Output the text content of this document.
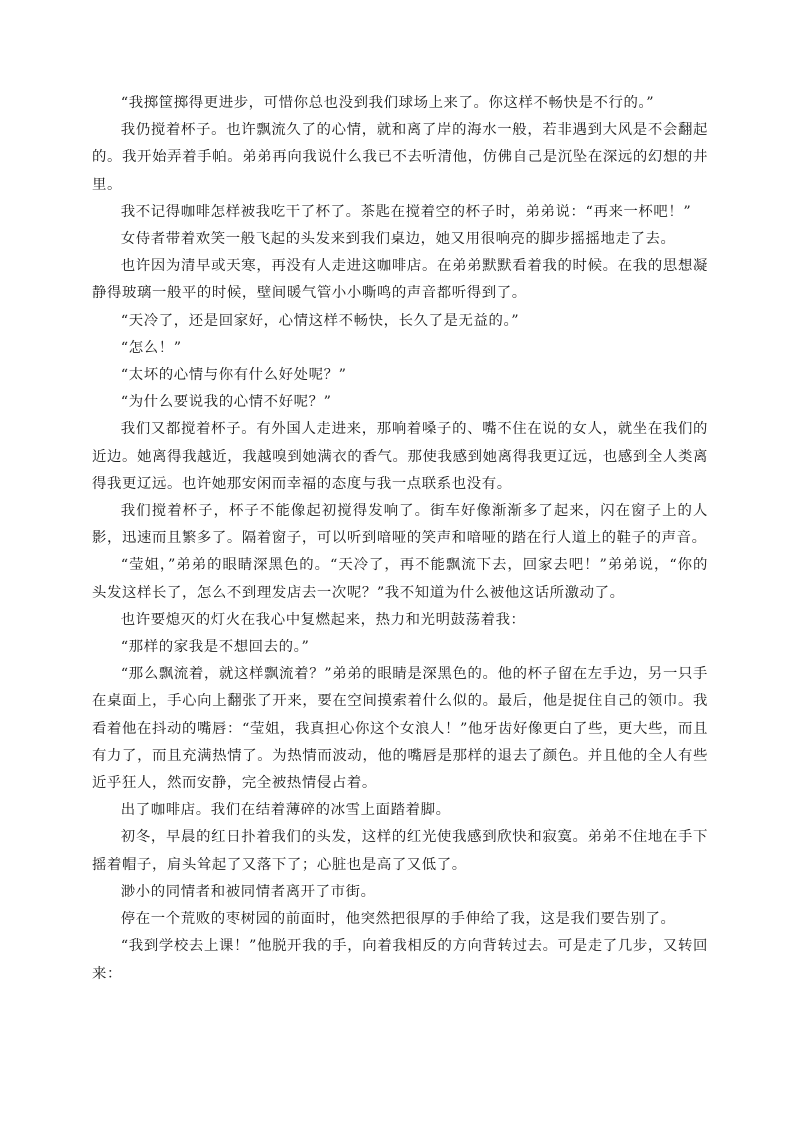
“我掷筐掷得更进步，可惜你总也没到我们球场上来了。你这样不畅快是不行的。”

我仍搅着杯子。也许飘流久了的心情，就和离了岸的海水一般，若非遇到大风是不会翻起的。我开始弄着手帕。弟弟再向我说什么我已不去听清他，仿佛自己是沉坠在深远的幻想的井里。

我不记得咖啡怎样被我吃干了杯了。茶匙在搅着空的杯子时，弟弟说：“再来一杯吧！”

女侍者带着欢笑一般飞起的头发来到我们桌边，她又用很响亮的脚步摇摇地走了去。

也许因为清早或天寒，再没有人走进这咖啡店。在弟弟默默看着我的时候。在我的思想凝静得玻璃一般平的时候，壁间暖气管小小嘶鸣的声音都听得到了。

“天冷了，还是回家好，心情这样不畅快，长久了是无益的。”

“怎么！”

“太坏的心情与你有什么好处呢？”

“为什么要说我的心情不好呢？”

我们又都搅着杯子。有外国人走进来，那响着嗓子的、嘴不住在说的女人，就坐在我们的近边。她离得我越近，我越嗅到她满衣的香气。那使我感到她离得我更辽远，也感到全人类离得我更辽远。也许她那安闲而幸福的态度与我一点联系也没有。

我们搅着杯子，杯子不能像起初搅得发响了。街车好像渐渐多了起来，闪在窗子上的人影，迅速而且繁多了。隔着窗子，可以听到喑哑的笑声和喑哑的踏在行人道上的鞋子的声音。

“莹姐，”弟弟的眼睛深黑色的。“天冷了，再不能飘流下去，回家去吧！”弟弟说，“你的头发这样长了，怎么不到理发店去一次呢？”我不知道为什么被他这话所激动了。

也许要熄灭的灯火在我心中复燃起来，热力和光明鼓荡着我：

“那样的家我是不想回去的。”

“那么飘流着，就这样飘流着？”弟弟的眼睛是深黑色的。他的杯子留在左手边，另一只手在桌面上，手心向上翻张了开来，要在空间摸索着什么似的。最后，他是捉住自己的领巾。我看着他在抖动的嘴唇：“莹姐，我真担心你这个女浪人！”他牙齿好像更白了些，更大些，而且有力了，而且充满热情了。为热情而波动，他的嘴唇是那样的退去了颜色。并且他的全人有些近乎狂人，然而安静，完全被热情侵占着。

出了咖啡店。我们在结着薄碎的冰雪上面踏着脚。

初冬，早晨的红日扑着我们的头发，这样的红光使我感到欣快和寂寞。弟弟不住地在手下摇着帽子，肩头耸起了又落下了；心脏也是高了又低了。

渺小的同情者和被同情者离开了市街。

停在一个荒败的枣树园的前面时，他突然把很厚的手伸给了我，这是我们要告别了。

“我到学校去上课！”他脱开我的手，向着我相反的方向背转过去。可是走了几步，又转回来：
